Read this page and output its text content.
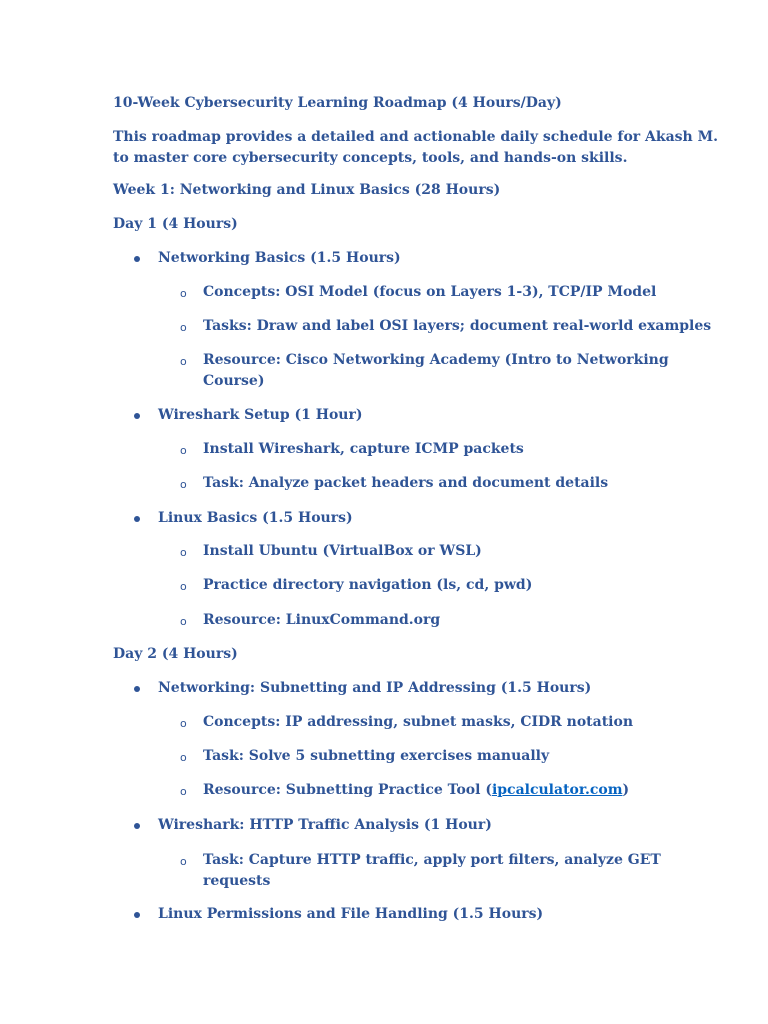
10-Week Cybersecurity Learning Roadmap (4 Hours/Day)
This roadmap provides a detailed and actionable daily schedule for Akash M.
to master core cybersecurity concepts, tools, and hands-on skills.
Week 1: Networking and Linux Basics (28 Hours)
Day 1 (4 Hours)
Networking Basics (1.5 Hours)
o Concepts: OSI Model (focus on Layers 1-3), TCP/IP Model
o Tasks: Draw and label OSI layers; document real-world examples
o Resource: Cisco Networking Academy (Intro to Networking
Course)
Wireshark Setup (1 Hour)
o Install Wireshark, capture ICMP packets
o Task: Analyze packet headers and document details
Linux Basics (1.5 Hours)
o Install Ubuntu (VirtualBox or WSL)
o Practice directory navigation (ls, cd, pwd)
o Resource: LinuxCommand.org
Day 2 (4 Hours)
Networking: Subnetting and IP Addressing (1.5 Hours)
o Concepts: IP addressing, subnet masks, CIDR notation
o Task: Solve 5 subnetting exercises manually
o Resource: Subnetting Practice Tool (ipcalculator.com)
Wireshark: HTTP Traffic Analysis (1 Hour)
o Task: Capture HTTP traffic, apply port filters, analyze GET
requests
Linux Permissions and File Handling (1.5 Hours)
